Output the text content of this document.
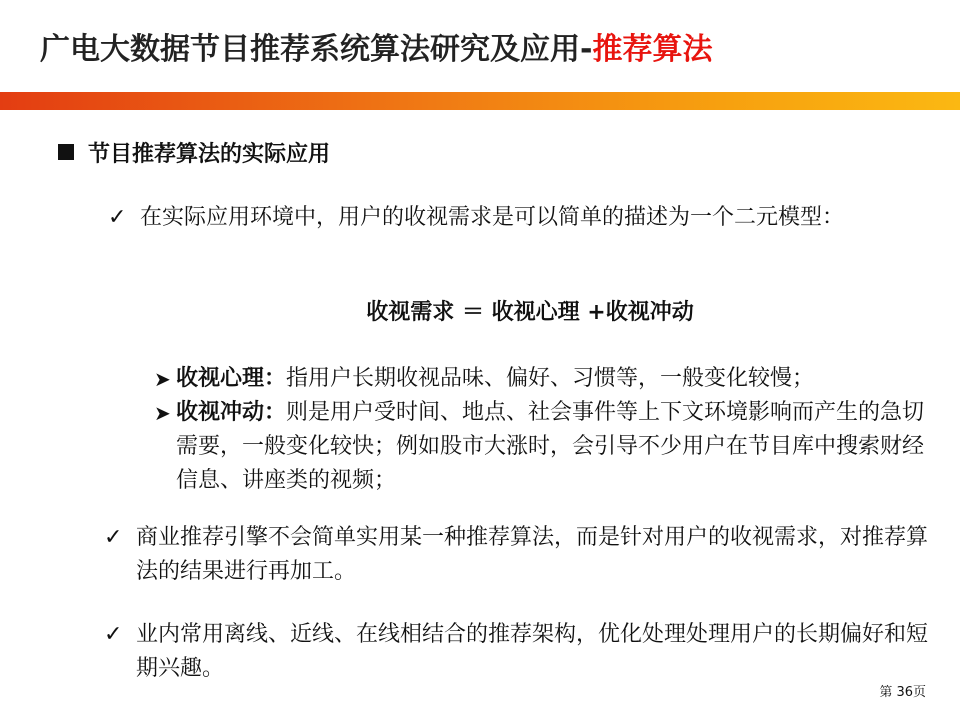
广电大数据节目推荐系统算法研究及应用-推荐算法
节目推荐算法的实际应用
✓ 在实际应用环境中，用户的收视需求是可以简单的描述为一个二元模型：
收视需求 ＝ 收视心理 +收视冲动
➤ 收视心理：指用户长期收视品味、偏好、习惯等，一般变化较慢；
➤ 收视冲动：则是用户受时间、地点、社会事件等上下文环境影响而产生的急切需要，一般变化较快；例如股市大涨时，会引导不少用户在节目库中搜索财经信息、讲座类的视频；
✓ 商业推荐引擎不会简单实用某一种推荐算法，而是针对用户的收视需求，对推荐算法的结果进行再加工。
✓ 业内常用离线、近线、在线相结合的推荐架构，优化处理处理用户的长期偏好和短期兴趣。
第 36页
